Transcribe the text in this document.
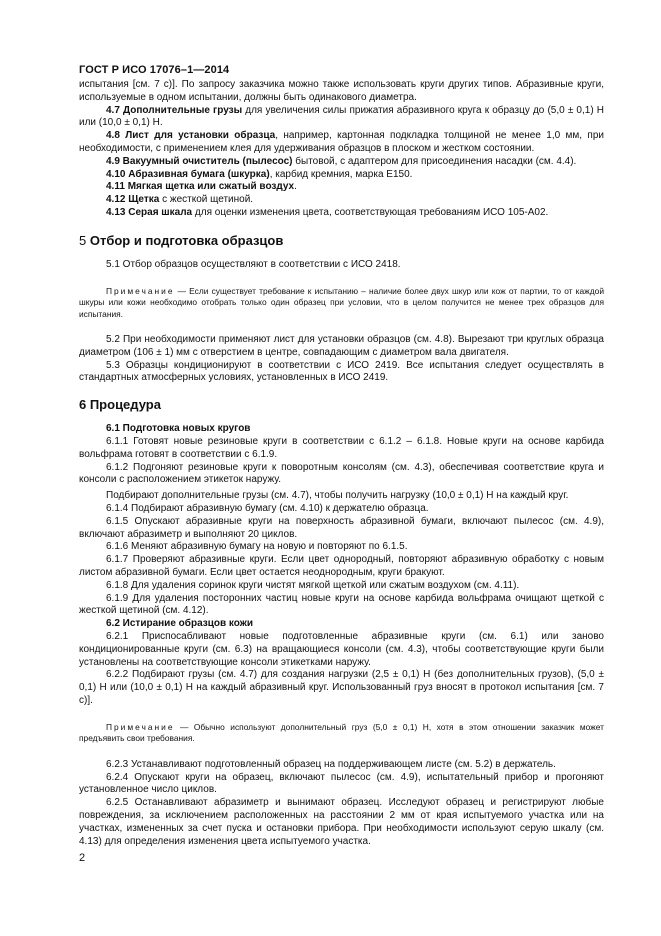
ГОСТ Р ИСО 17076–1—2014

испытания [см. 7 с)]. По запросу заказчика можно также использовать круги других типов. Абразивные круги, используемые в одном испытании, должны быть одинакового диаметра.

4.7 Дополнительные грузы для увеличения силы прижатия абразивного круга к образцу до (5,0 ± 0,1) Н или (10,0 ± 0,1) Н.

4.8 Лист для установки образца, например, картонная подкладка толщиной не менее 1,0 мм, при необходимости, с применением клея для удерживания образцов в плоском и жестком состоянии.

4.9 Вакуумный очиститель (пылесос) бытовой, с адаптером для присоединения насадки (см. 4.4).

4.10 Абразивная бумага (шкурка), карбид кремния, марка Е150.

4.11 Мягкая щетка или сжатый воздух.

4.12 Щетка с жесткой щетиной.

4.13 Серая шкала для оценки изменения цвета, соответствующая требованиям ИСО 105-А02.

5 Отбор и подготовка образцов

5.1 Отбор образцов осуществляют в соответствии с ИСО 2418.

Примечание — Если существует требование к испытанию – наличие более двух шкур или кож от партии, то от каждой шкуры или кожи необходимо отобрать только один образец при условии, что в целом получится не менее трех образцов для испытания.

5.2 При необходимости применяют лист для установки образцов (см. 4.8). Вырезают три круглых образца диаметром (106 ± 1) мм с отверстием в центре, совпадающим с диаметром вала двигателя.

5.3 Образцы кондиционируют в соответствии с ИСО 2419. Все испытания следует осуществлять в стандартных атмосферных условиях, установленных в ИСО 2419.

6 Процедура

6.1 Подготовка новых кругов

6.1.1 Готовят новые резиновые круги в соответствии с 6.1.2 – 6.1.8. Новые круги на основе карбида вольфрама готовят в соответствии с 6.1.9.

6.1.2 Подгоняют резиновые круги к поворотным консолям (см. 4.3), обеспечивая соответствие круга и консоли с расположением этикеток наружу.

Подбирают дополнительные грузы (см. 4.7), чтобы получить нагрузку (10,0 ± 0,1) Н на каждый круг.

6.1.4 Подбирают абразивную бумагу (см. 4.10) к держателю образца.

6.1.5 Опускают абразивные круги на поверхность абразивной бумаги, включают пылесос (см. 4.9), включают абразиметр и выполняют 20 циклов.

6.1.6 Меняют абразивную бумагу на новую и повторяют по 6.1.5.

6.1.7 Проверяют абразивные круги. Если цвет однородный, повторяют абразивную обработку с новым листом абразивной бумаги. Если цвет остается неоднородным, круги бракуют.

6.1.8 Для удаления соринок круги чистят мягкой щеткой или сжатым воздухом (см. 4.11).

6.1.9 Для удаления посторонних частиц новые круги на основе карбида вольфрама очищают щеткой с жесткой щетиной (см. 4.12).

6.2 Истирание образцов кожи

6.2.1 Приспосабливают новые подготовленные абразивные круги (см. 6.1) или заново кондиционированные круги (см. 6.3) на вращающиеся консоли (см. 4.3), чтобы соответствующие круги были установлены на соответствующие консоли этикетками наружу.

6.2.2 Подбирают грузы (см. 4.7) для создания нагрузки (2,5 ± 0,1) Н (без дополнительных грузов), (5,0 ± 0,1) Н или (10,0 ± 0,1) Н на каждый абразивный круг. Использованный груз вносят в протокол испытания [см. 7 с)].

Примечание — Обычно используют дополнительный груз (5,0 ± 0,1) Н, хотя в этом отношении заказчик может предъявить свои требования.

6.2.3 Устанавливают подготовленный образец на поддерживающем листе (см. 5.2) в держатель.

6.2.4 Опускают круги на образец, включают пылесос (см. 4.9), испытательный прибор и прогоняют установленное число циклов.

6.2.5 Останавливают абразиметр и вынимают образец. Исследуют образец и регистрируют любые повреждения, за исключением расположенных на расстоянии 2 мм от края испытуемого участка или на участках, измененных за счет пуска и остановки прибора. При необходимости используют серую шкалу (см. 4.13) для определения изменения цвета испытуемого участка.

2
